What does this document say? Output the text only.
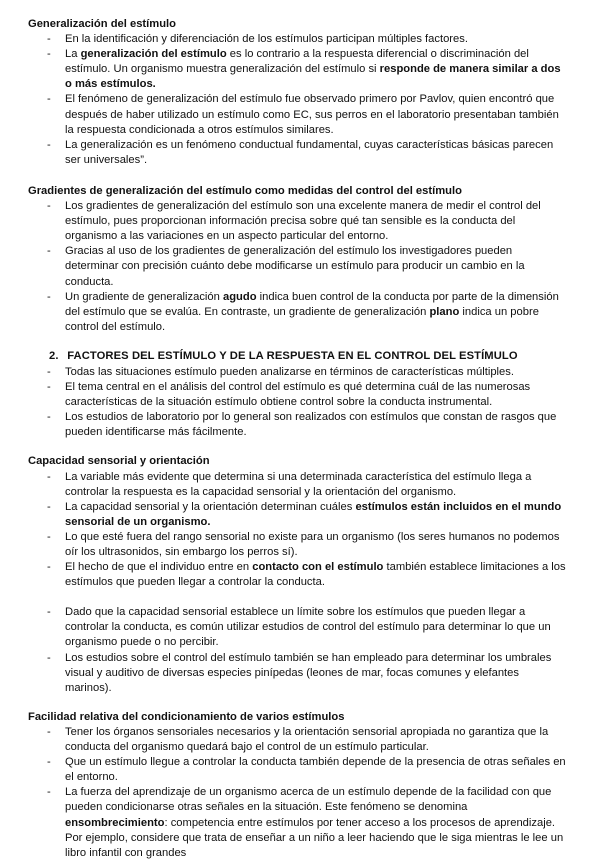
Generalización del estímulo

- En la identificación y diferenciación de los estímulos participan múltiples factores.
- La generalización del estímulo es lo contrario a la respuesta diferencial o discriminación del estímulo. Un organismo muestra generalización del estímulo si responde de manera similar a dos o más estímulos.
- El fenómeno de generalización del estímulo fue observado primero por Pavlov, quien encontró que después de haber utilizado un estímulo como EC, sus perros en el laboratorio presentaban también la respuesta condicionada a otros estímulos similares.
- La generalización es un fenómeno conductual fundamental, cuyas características básicas parecen ser universales”.

Gradientes de generalización del estímulo como medidas del control del estímulo

- Los gradientes de generalización del estímulo son una excelente manera de medir el control del estímulo, pues proporcionan información precisa sobre qué tan sensible es la conducta del organismo a las variaciones en un aspecto particular del entorno.
- Gracias al uso de los gradientes de generalización del estímulo los investigadores pueden determinar con precisión cuánto debe modificarse un estímulo para producir un cambio en la conducta.
- Un gradiente de generalización agudo indica buen control de la conducta por parte de la dimensión del estímulo que se evalúa. En contraste, un gradiente de generalización plano indica un pobre control del estímulo.

2. FACTORES DEL ESTÍMULO Y DE LA RESPUESTA EN EL CONTROL DEL ESTÍMULO

- Todas las situaciones estímulo pueden analizarse en términos de características múltiples.
- El tema central en el análisis del control del estímulo es qué determina cuál de las numerosas características de la situación estímulo obtiene control sobre la conducta instrumental.
- Los estudios de laboratorio por lo general son realizados con estímulos que constan de rasgos que pueden identificarse más fácilmente.

Capacidad sensorial y orientación

- La variable más evidente que determina si una determinada característica del estímulo llega a controlar la respuesta es la capacidad sensorial y la orientación del organismo.
- La capacidad sensorial y la orientación determinan cuáles estímulos están incluidos en el mundo sensorial de un organismo.
- Lo que esté fuera del rango sensorial no existe para un organismo (los seres humanos no podemos oír los ultrasonidos, sin embargo los perros sí).
- El hecho de que el individuo entre en contacto con el estímulo también establece limitaciones a los estímulos que pueden llegar a controlar la conducta.
- Dado que la capacidad sensorial establece un límite sobre los estímulos que pueden llegar a controlar la conducta, es común utilizar estudios de control del estímulo para determinar lo que un organismo puede o no percibir.
- Los estudios sobre el control del estímulo también se han empleado para determinar los umbrales visual y auditivo de diversas especies pinípedas (leones de mar, focas comunes y elefantes marinos).

Facilidad relativa del condicionamiento de varios estímulos

- Tener los órganos sensoriales necesarios y la orientación sensorial apropiada no garantiza que la conducta del organismo quedará bajo el control de un estímulo particular.
- Que un estímulo llegue a controlar la conducta también depende de la presencia de otras señales en el entorno.
- La fuerza del aprendizaje de un organismo acerca de un estímulo depende de la facilidad con que pueden condicionarse otras señales en la situación. Este fenómeno se denomina ensombrecimiento: competencia entre estímulos por tener acceso a los procesos de aprendizaje. Por ejemplo, considere que trata de enseñar a un niño a leer haciendo que le siga mientras le lee un libro infantil con grandes
